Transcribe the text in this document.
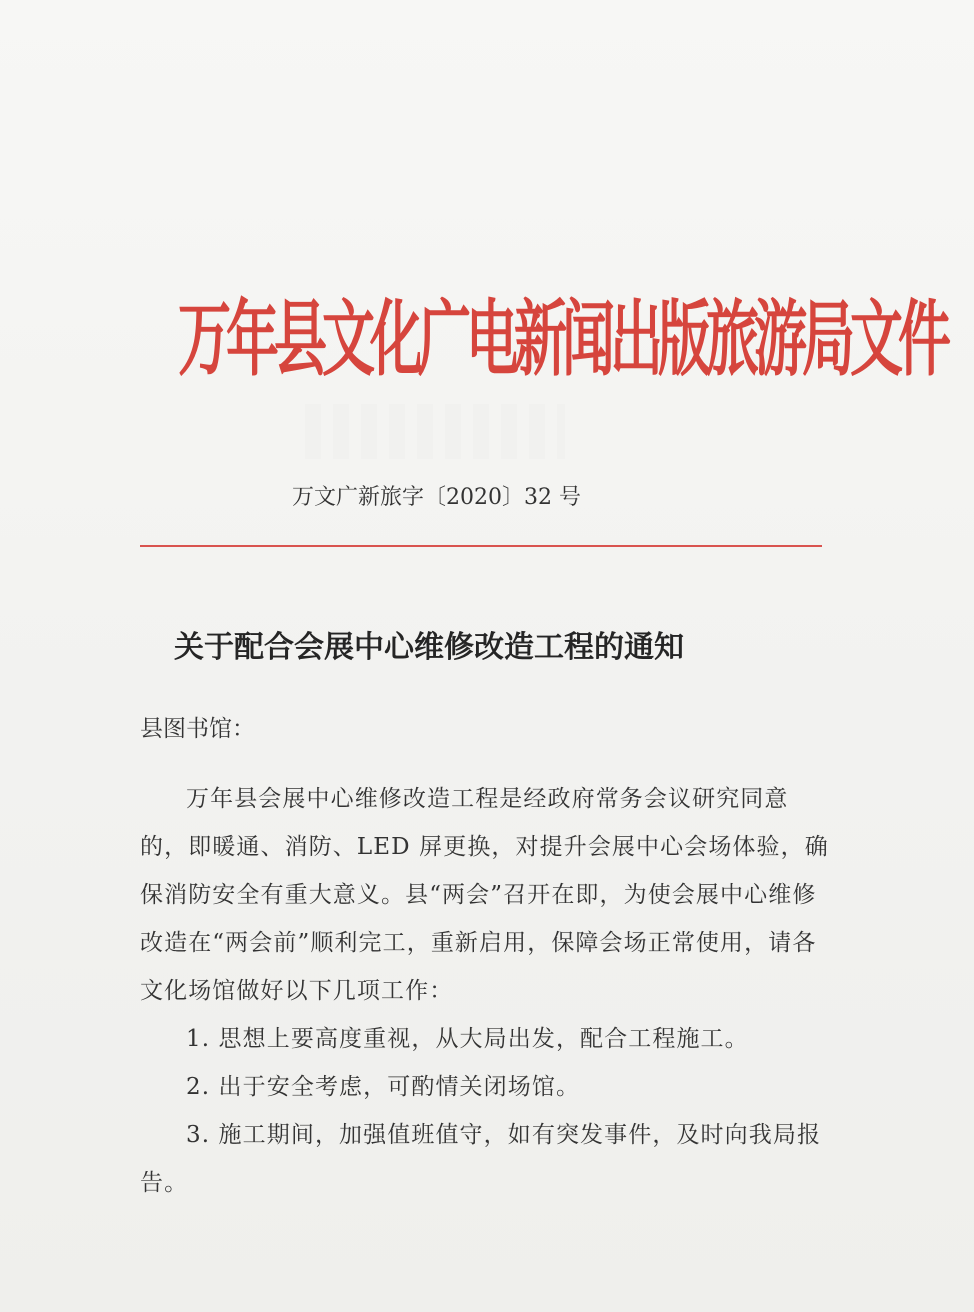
万年县文化广电新闻出版旅游局文件
万文广新旅字〔2020〕32 号
关于配合会展中心维修改造工程的通知
县图书馆：

万年县会展中心维修改造工程是经政府常务会议研究同意的，即暖通、消防、LED 屏更换，对提升会展中心会场体验，确保消防安全有重大意义。县“两会”召开在即，为使会展中心维修改造在“两会前”顺利完工，重新启用，保障会场正常使用，请各文化场馆做好以下几项工作：

1. 思想上要高度重视，从大局出发，配合工程施工。

2. 出于安全考虑，可酌情关闭场馆。

3. 施工期间，加强值班值守，如有突发事件，及时向我局报告。
